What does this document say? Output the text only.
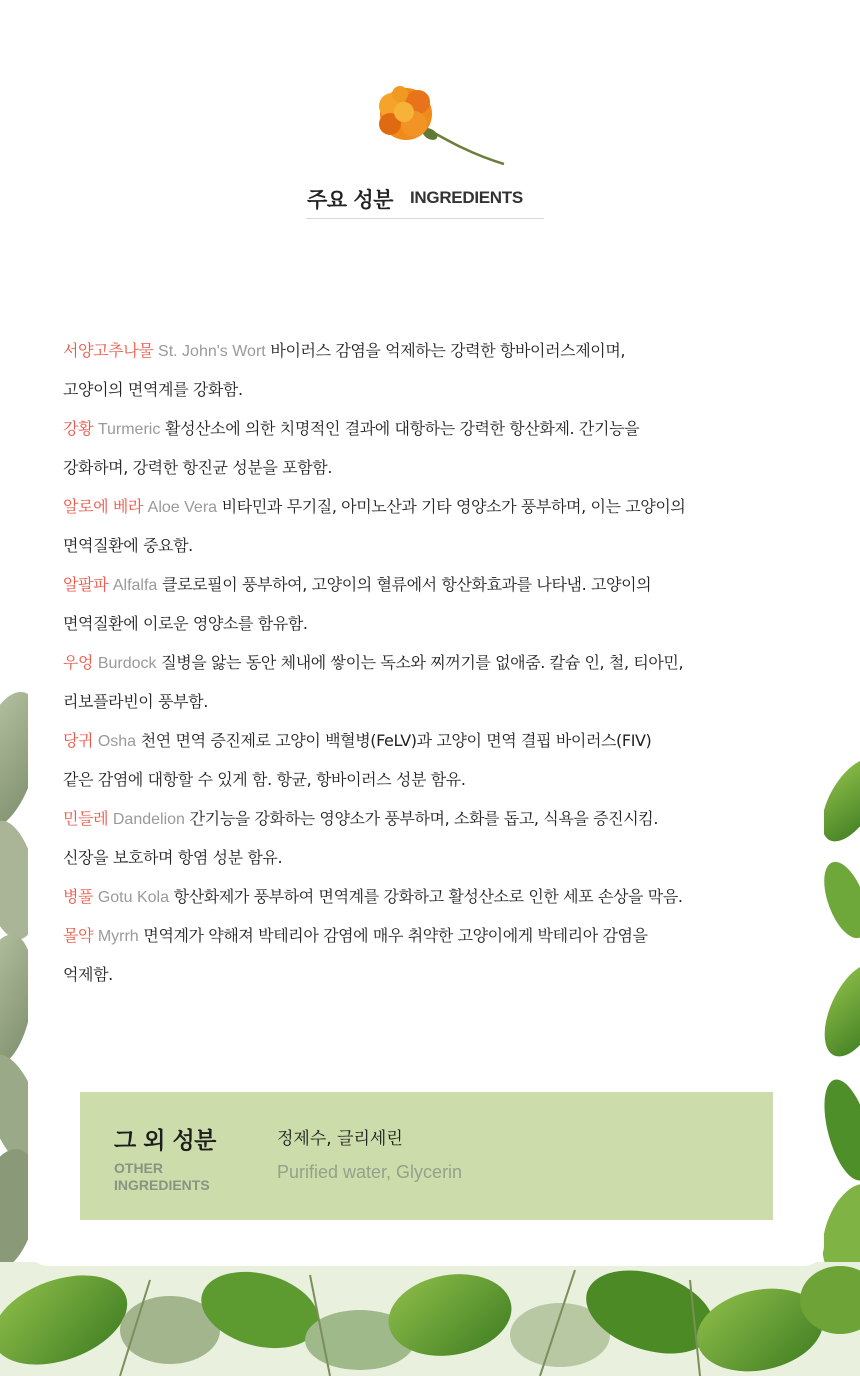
주요 성분 INGREDIENTS
서양고추나물 St. John's Wort 바이러스 감염을 억제하는 강력한 항바이러스제이며,
고양이의 면역계를 강화함.
강황 Turmeric 활성산소에 의한 치명적인 결과에 대항하는 강력한 항산화제. 간기능을
강화하며, 강력한 항진균 성분을 포함함.
알로에 베라 Aloe Vera 비타민과 무기질, 아미노산과 기타 영양소가 풍부하며, 이는 고양이의
면역질환에 중요함.
알팔파 Alfalfa 클로로필이 풍부하여, 고양이의 혈류에서 항산화효과를 나타냄. 고양이의
면역질환에 이로운 영양소를 함유함.
우엉 Burdock 질병을 앓는 동안 체내에 쌓이는 독소와 찌꺼기를 없애줌. 칼슘 인, 철, 티아민,
리보플라빈이 풍부함.
당귀 Osha 천연 면역 증진제로 고양이 백혈병(FeLV)과 고양이 면역 결핍 바이러스(FIV)
같은 감염에 대항할 수 있게 함. 항균, 항바이러스 성분 함유.
민들레 Dandelion 간기능을 강화하는 영양소가 풍부하며, 소화를 돕고, 식욕을 증진시킴.
신장을 보호하며 항염 성분 함유.
병풀 Gotu Kola 항산화제가 풍부하여 면역계를 강화하고 활성산소로 인한 세포 손상을 막음.
몰약 Myrrh 면역계가 약해져 박테리아 감염에 매우 취약한 고양이에게 박테리아 감염을
억제함.
그 외 성분
OTHER
INGREDIENTS
정제수, 글리세린
Purified water, Glycerin
